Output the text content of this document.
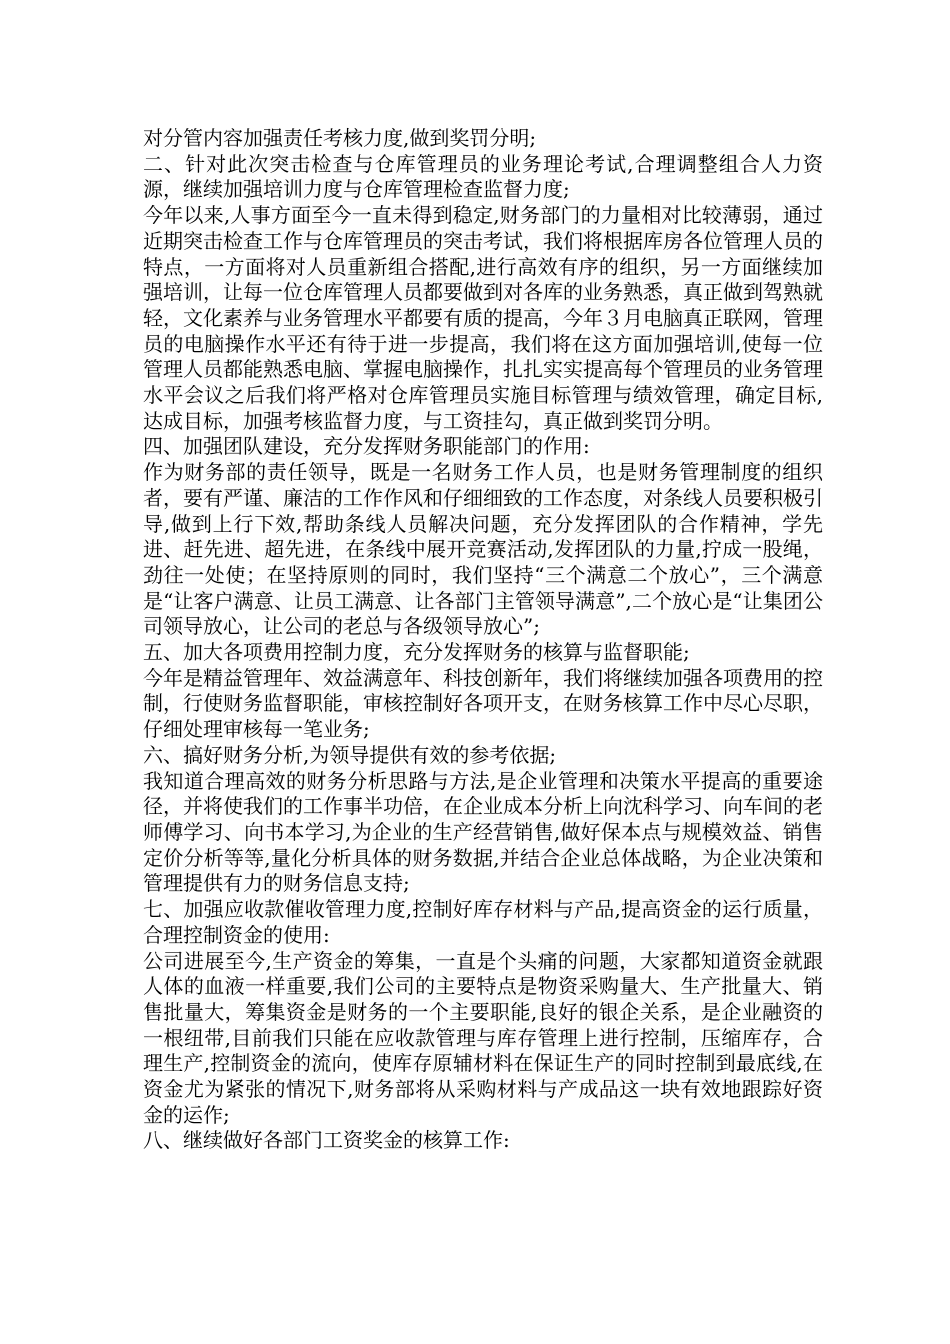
对分管内容加强责任考核力度,做到奖罚分明;

二、针对此次突击检查与仓库管理员的业务理论考试,合理调整组合人力资源，继续加强培训力度与仓库管理检查监督力度;

今年以来,人事方面至今一直未得到稳定,财务部门的力量相对比较薄弱，通过近期突击检查工作与仓库管理员的突击考试，我们将根据库房各位管理人员的特点，一方面将对人员重新组合搭配,进行高效有序的组织，另一方面继续加强培训，让每一位仓库管理人员都要做到对各库的业务熟悉，真正做到驾熟就轻，文化素养与业务管理水平都要有质的提高，今年３月电脑真正联网，管理员的电脑操作水平还有待于进一步提高，我们将在这方面加强培训,使每一位管理人员都能熟悉电脑、掌握电脑操作，扎扎实实提高每个管理员的业务管理水平会议之后我们将严格对仓库管理员实施目标管理与绩效管理，确定目标,达成目标，加强考核监督力度，与工资挂勾，真正做到奖罚分明。

四、加强团队建设，充分发挥财务职能部门的作用:

作为财务部的责任领导，既是一名财务工作人员，也是财务管理制度的组织者，要有严谨、廉洁的工作作风和仔细细致的工作态度，对条线人员要积极引导,做到上行下效,帮助条线人员解决问题，充分发挥团队的合作精神，学先进、赶先进、超先进，在条线中展开竞赛活动,发挥团队的力量,拧成一股绳，劲往一处使；在坚持原则的同时，我们坚持“三个满意二个放心”，三个满意是“让客户满意、让员工满意、让各部门主管领导满意”,二个放心是“让集团公司领导放心，让公司的老总与各级领导放心”;

五、加大各项费用控制力度，充分发挥财务的核算与监督职能;

今年是精益管理年、效益满意年、科技创新年，我们将继续加强各项费用的控制，行使财务监督职能，审核控制好各项开支，在财务核算工作中尽心尽职，仔细处理审核每一笔业务;

六、搞好财务分析,为领导提供有效的参考依据;

我知道合理高效的财务分析思路与方法,是企业管理和决策水平提高的重要途径，并将使我们的工作事半功倍，在企业成本分析上向沈科学习、向车间的老师傅学习、向书本学习,为企业的生产经营销售,做好保本点与规模效益、销售定价分析等等,量化分析具体的财务数据,并结合企业总体战略，为企业决策和管理提供有力的财务信息支持;

七、加强应收款催收管理力度,控制好库存材料与产品,提高资金的运行质量，合理控制资金的使用:

公司进展至今,生产资金的筹集，一直是个头痛的问题，大家都知道资金就跟人体的血液一样重要,我们公司的主要特点是物资采购量大、生产批量大、销售批量大，筹集资金是财务的一个主要职能,良好的银企关系，是企业融资的一根纽带,目前我们只能在应收款管理与库存管理上进行控制，压缩库存，合理生产,控制资金的流向，使库存原辅材料在保证生产的同时控制到最底线,在资金尤为紧张的情况下,财务部将从采购材料与产成品这一块有效地跟踪好资金的运作;

八、继续做好各部门工资奖金的核算工作:
